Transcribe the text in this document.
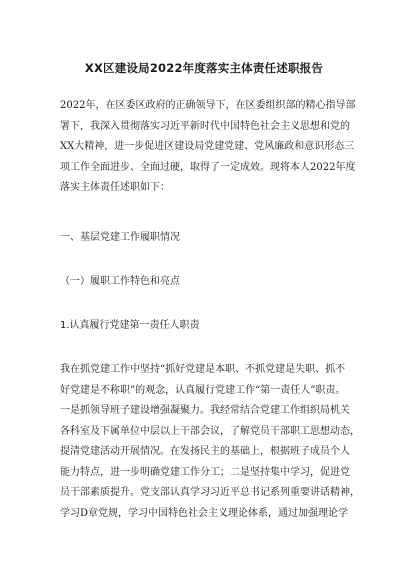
XX区建设局2022年度落实主体责任述职报告

2022年，在区委区政府的正确领导下，在区委组织部的精心指导部
署下，我深入贯彻落实习近平新时代中国特色社会主义思想和党的
XX大精神，进一步促进区建设局党建党建、党风廉政和意识形态三
项工作全面进步、全面过硬，取得了一定成效。现将本人2022年度
落实主体责任述职如下：

一、基层党建工作履职情况

（一）履职工作特色和亮点

1.认真履行党建第一责任人职责

我在抓党建工作中坚持“抓好党建是本职、不抓党建是失职、抓不
好党建是不称职”的观念，认真履行党建工作“第一责任人”职责。
一是抓领导班子建设增强凝聚力。我经常结合党建工作组织局机关
各科室及下属单位中层以上干部会议，了解党员干部职工思想动态，
提清党建活动开展情况。在发扬民主的基础上，根据班子成员个人
能力特点，进一步明确党建工作分工；二是坚持集中学习，促进党
员干部素质提升。党支部认真学习习近平总书记系列重要讲话精神，
学习D章党规，学习中国特色社会主义理论体系，通过加强理论学
